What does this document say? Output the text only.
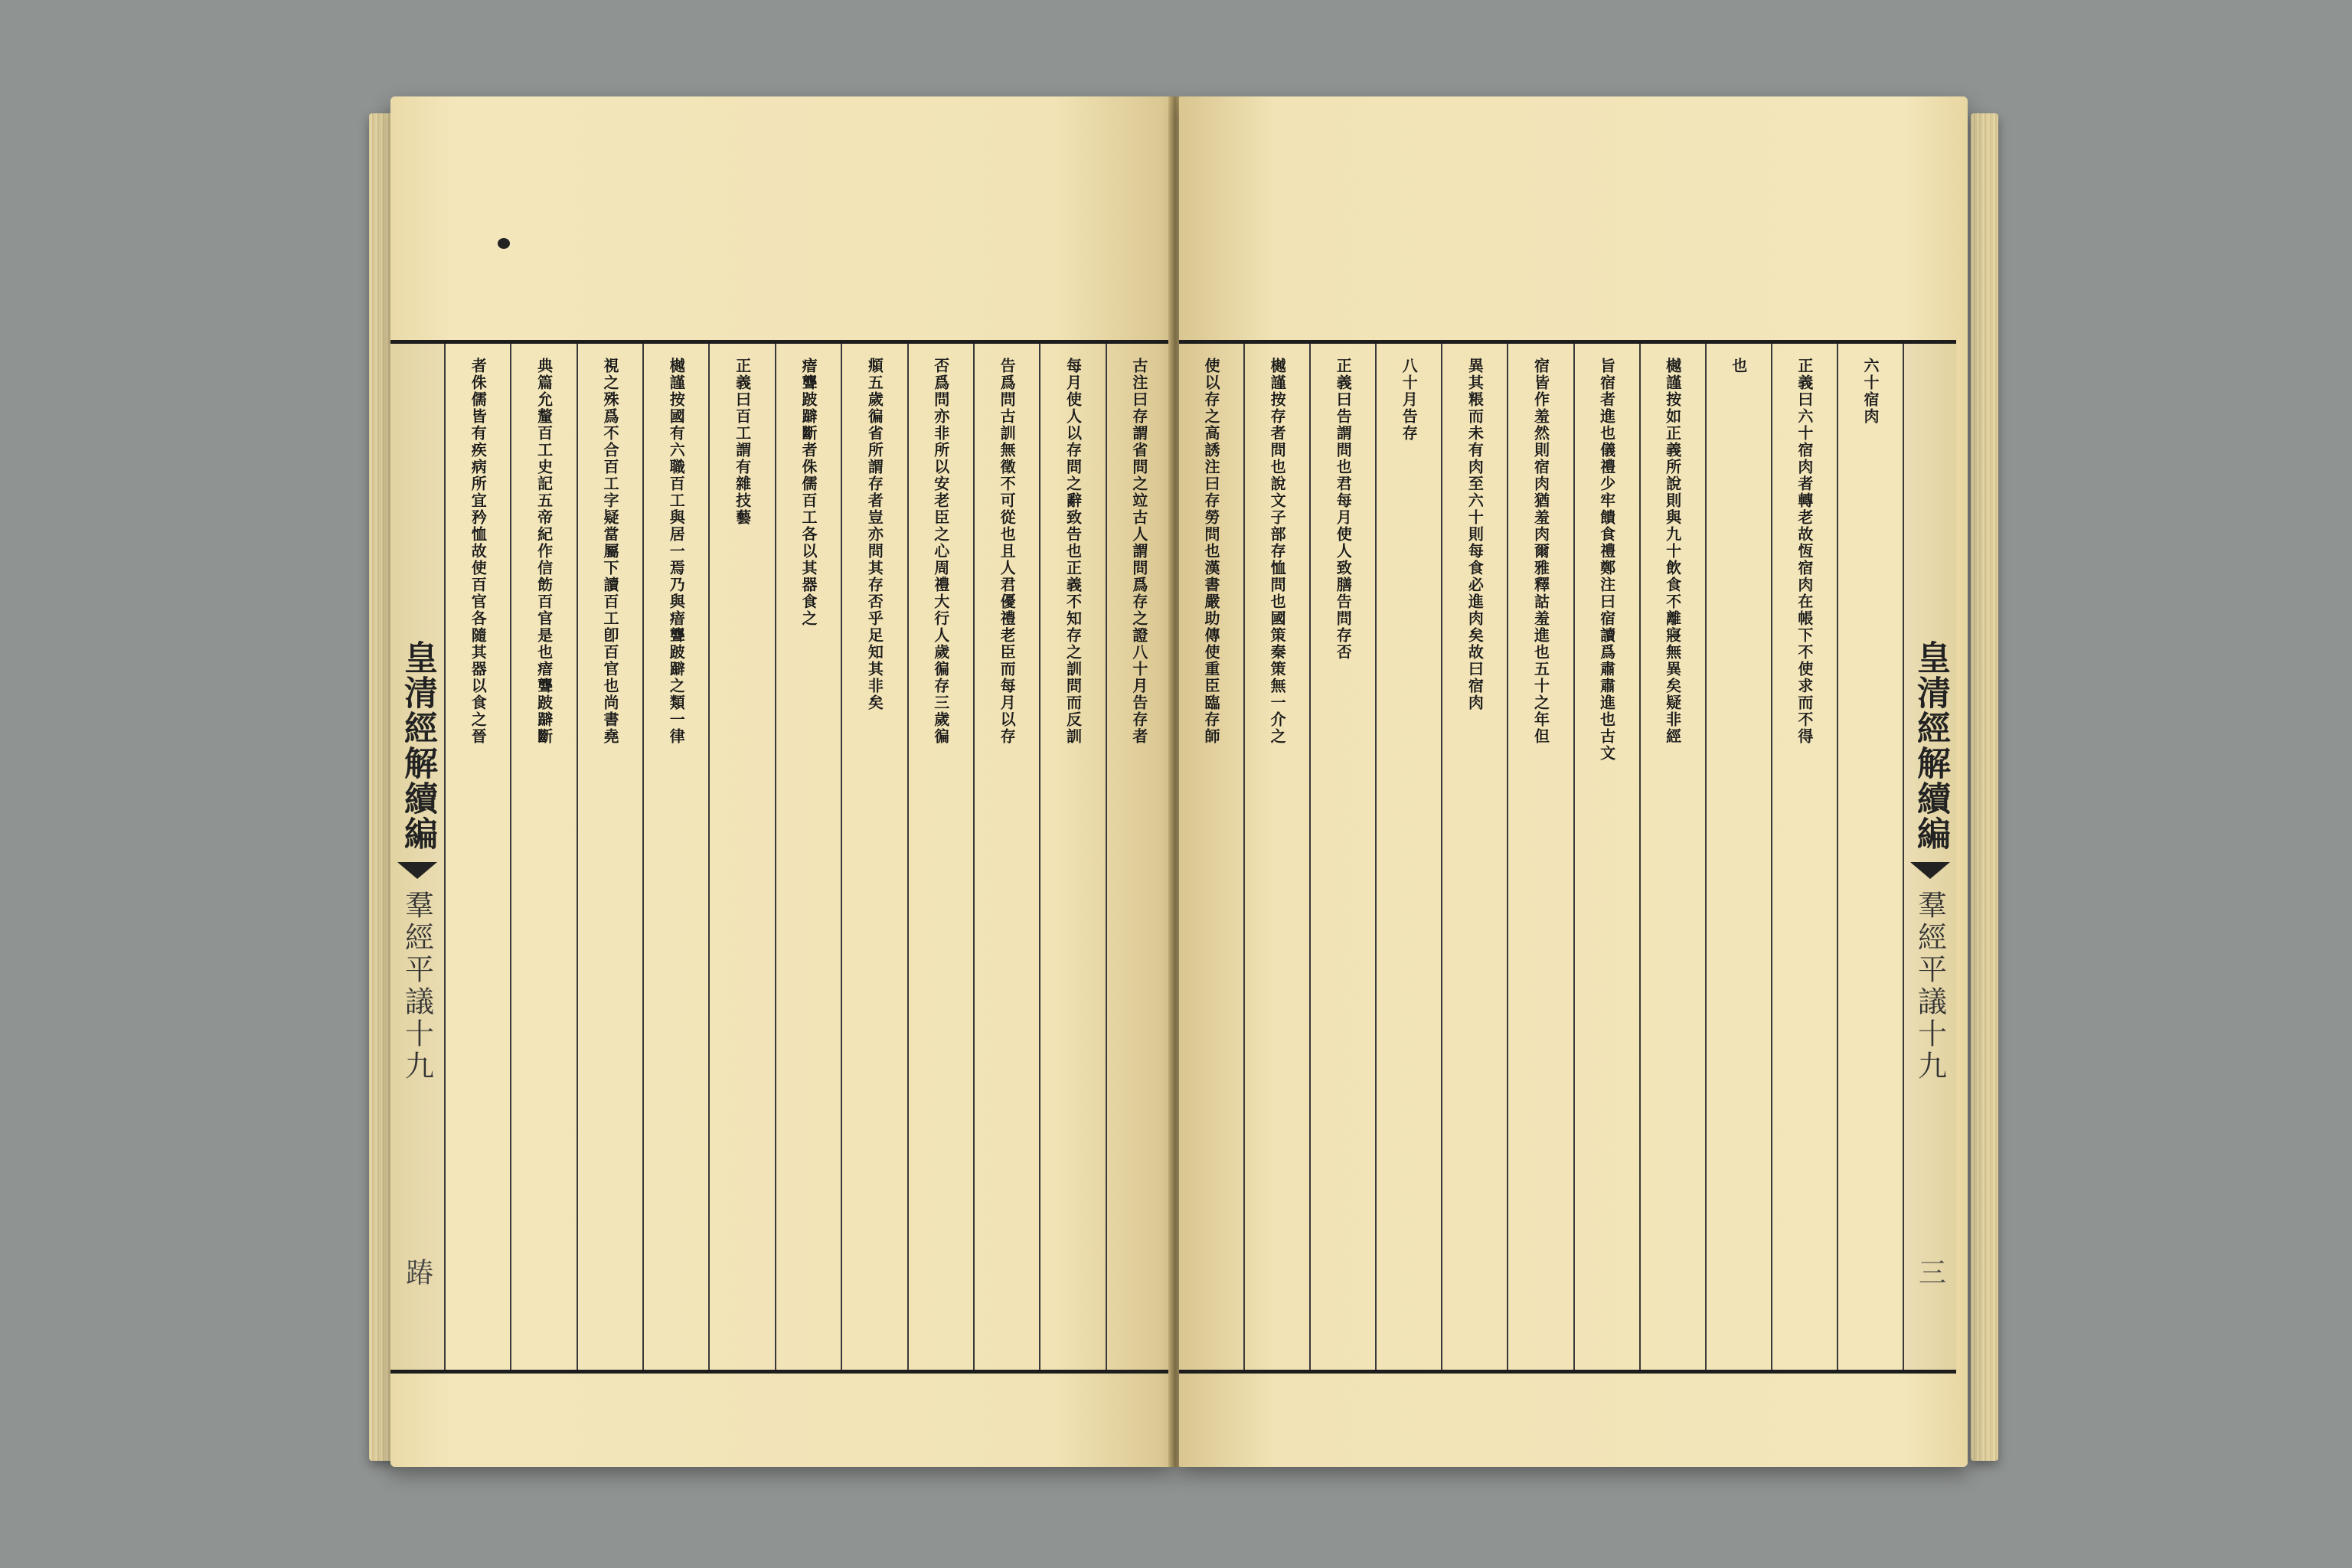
古注曰存謂省問之竝古人謂問爲存之證八十月告存者
每月使人以存問之辭致告也正義不知存之訓問而反訓
告爲問古訓無徵不可從也且人君優禮老臣而每月以存
否爲問亦非所以安老臣之心周禮大行人歲徧存三歲徧
頫五歲徧省所謂存者豈亦問其存否乎足知其非矣
瘖聾跛躃斷者侏儒百工各以其器食之
正義曰百工謂有雜技藝
樾謹按國有六職百工與居一焉乃與瘖聾跛躃之類一律
視之殊爲不合百工字疑當屬下讀百工卽百官也尚書堯
典篇允釐百工史記五帝紀作信飭百官是也瘖聾跛躃斷
者侏儒皆有疾病所宜矜恤故使百官各隨其器以食之晉
皇清經解續編
羣經平議十九
踳
皇清經解續編
羣經平議十九
三
六十宿肉
正義曰六十宿肉者轉老故恆宿肉在帳下不使求而不得
也
樾謹按如正義所說則與九十飲食不離寢無異矣疑非經
旨宿者進也儀禮少牢饋食禮鄭注曰宿讀爲肅肅進也古文
宿皆作羞然則宿肉猶羞肉爾雅釋詁羞進也五十之年但
異其粻而未有肉至六十則每食必進肉矣故曰宿肉
八十月告存
正義曰告謂問也君每月使人致膳告問存否
樾謹按存者問也說文子部存恤問也國策秦策無一介之
使以存之高誘注曰存勞問也漢書嚴助傳使重臣臨存師
